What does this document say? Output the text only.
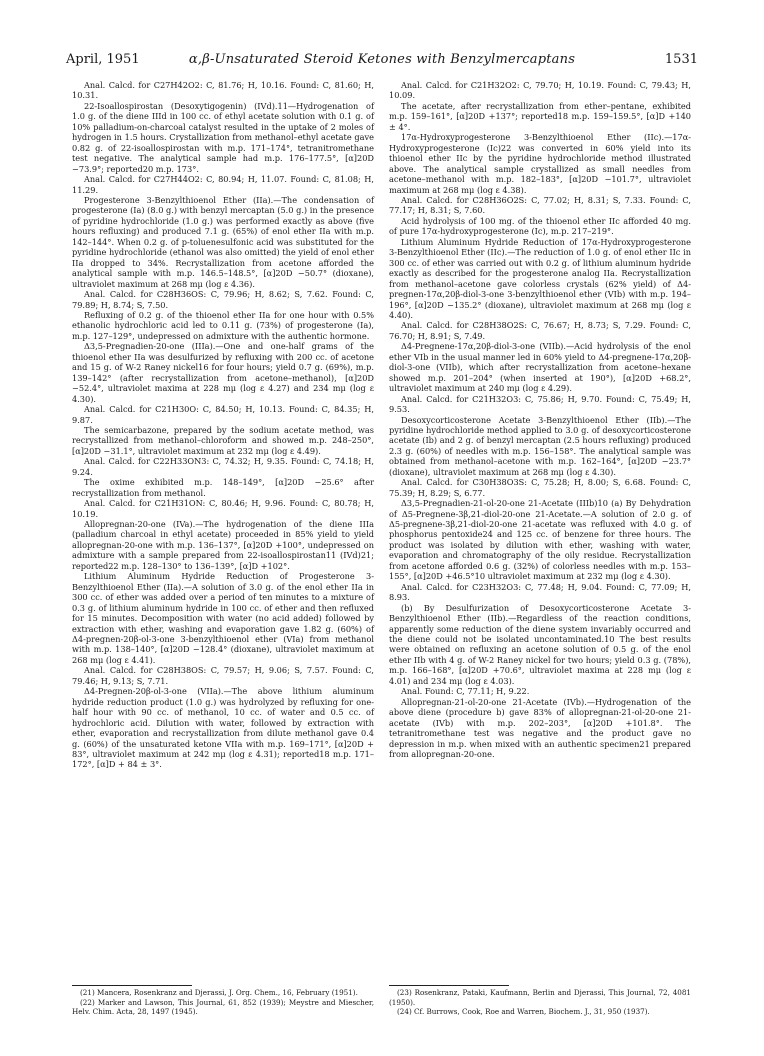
April, 1951	α,β-Unsaturated Steroid Ketones with Benzylmercaptans	1531

Anal. Calcd. for C27H42O2: C, 81.76; H, 10.16. Found: C, 81.60; H, 10.31.

22-Isoallospirostan (Desoxytigogenin) (IVd).11—Hydrogenation of 1.0 g. of the diene IIId in 100 cc. of ethyl acetate solution with 0.1 g. of 10% palladium-on-charcoal catalyst resulted in the uptake of 2 moles of hydrogen in 1.5 hours. Crystallization from methanol–ethyl acetate gave 0.82 g. of 22-isoallospirostan with m.p. 171–174°, tetranitromethane test negative. The analytical sample had m.p. 176–177.5°, [α]20D −73.9°; reported20 m.p. 173°.

Anal. Calcd. for C27H44O2: C, 80.94; H, 11.07. Found: C, 81.08; H, 11.29.

Progesterone 3-Benzylthioenol Ether (IIa).—The condensation of progesterone (Ia) (8.0 g.) with benzyl mercaptan (5.0 g.) in the presence of pyridine hydrochloride (1.0 g.) was performed exactly as above (five hours refluxing) and produced 7.1 g. (65%) of enol ether IIa with m.p. 142–144°. When 0.2 g. of p-toluenesulfonic acid was substituted for the pyridine hydrochloride (ethanol was also omitted) the yield of enol ether IIa dropped to 34%. Recrystallization from acetone afforded the analytical sample with m.p. 146.5–148.5°, [α]20D −50.7° (dioxane), ultraviolet maximum at 268 mμ (log ε 4.36).

Anal. Calcd. for C28H36OS: C, 79.96; H, 8.62; S, 7.62. Found: C, 79.89; H, 8.74; S, 7.50.

Refluxing of 0.2 g. of the thioenol ether IIa for one hour with 0.5% ethanolic hydrochloric acid led to 0.11 g. (73%) of progesterone (Ia), m.p. 127–129°, undepressed on admixture with the authentic hormone.

Δ3,5-Pregnadien-20-one (IIIa).—One and one-half grams of the thioenol ether IIa was desulfurized by refluxing with 200 cc. of acetone and 15 g. of W-2 Raney nickel16 for four hours; yield 0.7 g. (69%), m.p. 139–142° (after recrystallization from acetone–methanol), [α]20D −52.4°, ultraviolet maxima at 228 mμ (log ε 4.27) and 234 mμ (log ε 4.30).

Anal. Calcd. for C21H30O: C, 84.50; H, 10.13. Found: C, 84.35; H, 9.87.

The semicarbazone, prepared by the sodium acetate method, was recrystallized from methanol–chloroform and showed m.p. 248–250°, [α]20D −31.1°, ultraviolet maximum at 232 mμ (log ε 4.49).

Anal. Calcd. for C22H33ON3: C, 74.32; H, 9.35. Found: C, 74.18; H, 9.24.

The oxime exhibited m.p. 148–149°, [α]20D −25.6° after recrystallization from methanol.

Anal. Calcd. for C21H31ON: C, 80.46; H, 9.96. Found: C, 80.78; H, 10.19.

Allopregnan-20-one (IVa).—The hydrogenation of the diene IIIa (palladium charcoal in ethyl acetate) proceeded in 85% yield to yield allopregnan-20-one with m.p. 136–137°, [α]20D +100°, undepressed on admixture with a sample prepared from 22-isoallospirostan11 (IVd)21; reported22 m.p. 128–130° to 136–139°, [α]D +102°.

Lithium Aluminum Hydride Reduction of Progesterone 3-Benzylthioenol Ether (IIa).—A solution of 3.0 g. of the enol ether IIa in 300 cc. of ether was added over a period of ten minutes to a mixture of 0.3 g. of lithium aluminum hydride in 100 cc. of ether and then refluxed for 15 minutes. Decomposition with water (no acid added) followed by extraction with ether, washing and evaporation gave 1.82 g. (60%) of Δ4-pregnen-20β-ol-3-one 3-benzylthioenol ether (VIa) from methanol with m.p. 138–140°, [α]20D −128.4° (dioxane), ultraviolet maximum at 268 mμ (log ε 4.41).

Anal. Calcd. for C28H38OS: C, 79.57; H, 9.06; S, 7.57. Found: C, 79.46; H, 9.13; S, 7.71.

Δ4-Pregnen-20β-ol-3-one (VIIa).—The above lithium aluminum hydride reduction product (1.0 g.) was hydrolyzed by refluxing for one-half hour with 90 cc. of methanol, 10 cc. of water and 0.5 cc. of hydrochloric acid. Dilution with water, followed by extraction with ether, evaporation and recrystallization from dilute methanol gave 0.4 g. (60%) of the unsaturated ketone VIIa with m.p. 169–171°, [α]20D + 83°, ultraviolet maximum at 242 mμ (log ε 4.31); reported18 m.p. 171–172°, [α]D + 84 ± 3°.

Anal. Calcd. for C21H32O2: C, 79.70; H, 10.19. Found: C, 79.43; H, 10.09.

The acetate, after recrystallization from ether–pentane, exhibited m.p. 159–161°, [α]20D +137°; reported18 m.p. 159–159.5°, [α]D +140 ± 4°.

17α-Hydroxyprogesterone 3-Benzylthioenol Ether (IIc).—17α-Hydroxyprogesterone (Ic)22 was converted in 60% yield into its thioenol ether IIc by the pyridine hydrochloride method illustrated above. The analytical sample crystallized as small needles from acetone–methanol with m.p. 182–183°, [α]20D −101.7°, ultraviolet maximum at 268 mμ (log ε 4.38).

Anal. Calcd. for C28H36O2S: C, 77.02; H, 8.31; S, 7.33. Found: C, 77.17; H, 8.31; S, 7.60.

Acid hydrolysis of 100 mg. of the thioenol ether IIc afforded 40 mg. of pure 17α-hydroxyprogesterone (Ic), m.p. 217–219°.

Lithium Aluminum Hydride Reduction of 17α-Hydroxyprogesterone 3-Benzylthioenol Ether (IIc).—The reduction of 1.0 g. of enol ether IIc in 300 cc. of ether was carried out with 0.2 g. of lithium aluminum hydride exactly as described for the progesterone analog IIa. Recrystallization from methanol–acetone gave colorless crystals (62% yield) of Δ4-pregnen-17α,20β-diol-3-one 3-benzylthioenol ether (VIb) with m.p. 194–196°, [α]20D −135.2° (dioxane), ultraviolet maximum at 268 mμ (log ε 4.40).

Anal. Calcd. for C28H38O2S: C, 76.67; H, 8.73; S, 7.29. Found: C, 76.70; H, 8.91; S, 7.49.

Δ4-Pregnene-17α,20β-diol-3-one (VIIb).—Acid hydrolysis of the enol ether VIb in the usual manner led in 60% yield to Δ4-pregnene-17α,20β-diol-3-one (VIIb), which after recrystallization from acetone–hexane showed m.p. 201–204° (when inserted at 190°), [α]20D +68.2°, ultraviolet maximum at 240 mμ (log ε 4.29).

Anal. Calcd. for C21H32O3: C, 75.86; H, 9.70. Found: C, 75.49; H, 9.53.

Desoxycorticosterone Acetate 3-Benzylthioenol Ether (IIb).—The pyridine hydrochloride method applied to 3.0 g. of desoxycorticosterone acetate (Ib) and 2 g. of benzyl mercaptan (2.5 hours refluxing) produced 2.3 g. (60%) of needles with m.p. 156–158°. The analytical sample was obtained from methanol–acetone with m.p. 162–164°, [α]20D −23.7° (dioxane), ultraviolet maximum at 268 mμ (log ε 4.30).

Anal. Calcd. for C30H38O3S: C, 75.28; H, 8.00; S, 6.68. Found: C, 75.39; H, 8.29; S, 6.77.

Δ3,5-Pregnadien-21-ol-20-one 21-Acetate (IIIb)10 (a) By Dehydration of Δ5-Pregnene-3β,21-diol-20-one 21-Acetate.—A solution of 2.0 g. of Δ5-pregnene-3β,21-diol-20-one 21-acetate was refluxed with 4.0 g. of phosphorus pentoxide24 and 125 cc. of benzene for three hours. The product was isolated by dilution with ether, washing with water, evaporation and chromatography of the oily residue. Recrystallization from acetone afforded 0.6 g. (32%) of colorless needles with m.p. 153–155°, [α]20D +46.5°10 ultraviolet maximum at 232 mμ (log ε 4.30).

Anal. Calcd. for C23H32O3: C, 77.48; H, 9.04. Found: C, 77.09; H, 8.93.

(b) By Desulfurization of Desoxycorticosterone Acetate 3-Benzylthioenol Ether (IIb).—Regardless of the reaction conditions, apparently some reduction of the diene system invariably occurred and the diene could not be isolated uncontaminated.10 The best results were obtained on refluxing an acetone solution of 0.5 g. of the enol ether IIb with 4 g. of W-2 Raney nickel for two hours; yield 0.3 g. (78%), m.p. 166–168°, [α]20D +70.6°, ultraviolet maxima at 228 mμ (log ε 4.01) and 234 mμ (log ε 4.03).

Anal. Found: C, 77.11; H, 9.22.

Allopregnan-21-ol-20-one 21-Acetate (IVb).—Hydrogenation of the above diene (procedure b) gave 83% of allopregnan-21-ol-20-one 21-acetate (IVb) with m.p. 202–203°, [α]20D +101.8°. The tetranitromethane test was negative and the product gave no depression in m.p. when mixed with an authentic specimen21 prepared from allopregnan-20-one.

(21) Mancera, Rosenkranz and Djerassi, J. Org. Chem., 16, February (1951).

(22) Marker and Lawson, This Journal, 61, 852 (1939); Meystre and Miescher, Helv. Chim. Acta, 28, 1497 (1945).

(23) Rosenkranz, Pataki, Kaufmann, Berlin and Djerassi, This Journal, 72, 4081 (1950).

(24) Cf. Burrows, Cook, Roe and Warren, Biochem. J., 31, 950 (1937).
